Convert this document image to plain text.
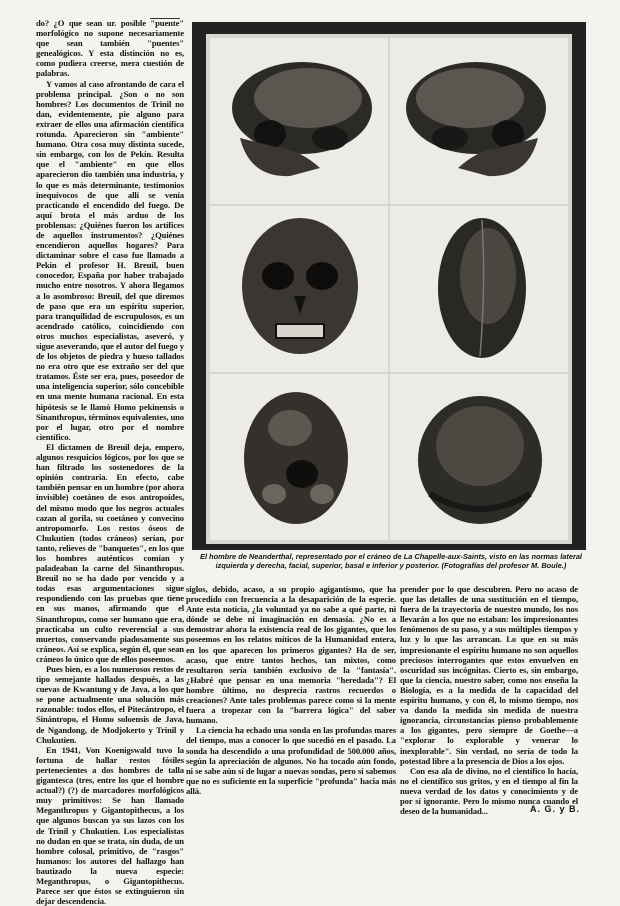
do? ¿O que sean ur. posible "puente" morfológico no supone necesariamente que sean también "puentes" genealógicos. Y esta distinción no es, como pudiera creerse, mera cuestión de palabras.

Y vamos al caso afrontando de cara el problema principal. ¿Son o no son hombres? Los documentos de Trinil no dan, evidentemente, pie alguno para extraer de ellos una afirmación científica rotunda. Aparecieron sin "ambiente" humano. Otra cosa muy distinta sucede, sin embargo, con los de Pekín. Resulta que el "ambiente" en que ellos aparecieron dio también una industria, y lo que es más determinante, testimonios inequívocos de que allí se venía practicando el encendido del fuego. De aquí brota el más arduo de los problemas: ¿Quiénes fueron los artífices de aquellos instrumentos? ¿Quiénes encendieron aquellos hogares? Para dictaminar sobre el caso fue llamado a Pekín el profesor H. Breuil, buen conocedor, España por haber trabajado mucho entre nosotros. Y ahora llegamos a lo asombroso: Breuil, del que diremos de paso que era un espíritu superior, para tranquilidad de escrupulosos, es un acendrado católico, coincidiendo con otros muchos especialistas, aseveró, y sigue aseverando, que el autor del fuego y de los objetos de piedra y hueso tallados no era otro que ese extraño ser del que tratamos. Éste ser era, pues, poseedor de una inteligencia superior, sólo concebible en una mente humana racional. En esta hipótesis se le llamó Homo pekinensis o Sinanthropus, términos equivalentes, uno por el lugar, otro por el nombre científico.

El dictamen de Breuil deja, empero, algunos resquicios lógicos, por los que se han filtrado los sostenedores de la opinión contraria. En efecto, cabe también pensar en un hombre (por ahora invisible) coetáneo de esos antropoides, del mismo modo que los negros actuales cazan al gorila, su coetáneo y convecino antropomorfo. Los restos óseos de Chukutien (todos cráneos) serían, por tanto, relieves de "banquetes", en los que los hombres auténticos comían y paladeaban la carne del Sinanthropus. Breuil no se ha dado por vencido y a todas esas argumentaciones sigue respondiendo con las pruebas que tiene en sus manos, afirmando que el Sinanthropus, como ser humano que era, practicaba un culto reverencial a sus muertos, conservando piadosamente sus cráneos. Así se explica, según él, que sean cráneos lo único que de ellos poseemos.

Pues bien, es a los numerosos restos de tipo semejante hallados después, a las cuevas de Kwantung y de Java, a los que se pone actualmente una solución más razonable: todos ellos, el Pitecántropo, el Sinántropo, el Homo soloensis de Java, de Ngandong, de Modjokerto y Trinil y Chukutien.

En 1941, Von Koenigswald tuvo la fortuna de hallar restos fósiles pertenecientes a dos hombres de talla gigantesca (tres, entre los que el hombre actual?) (?) de marcadores morfológicos muy primitivos: Se han llamado Meganthropus y Gigantopithecus, a los que algunos buscan ya sus lazos con los de Trinil y Chukutien. Los especialistas no dudan en que se trata, sin duda, de un hombre colosal, primitivo, de "rasgos" humanos: los autores del hallazgo han bautizado la nueva especie: Meganthropus, o Gigantopithecus. Parece ser que éstos se extinguieron sin dejar descendencia.

El hombre de Neanderthal, representado por el cráneo de La Chapelle-aux-Saints, visto en las normas lateral izquierda y derecha, facial, superior, basal e inferior y posterior. (Fotografías del profesor M. Boule.)

siglos, debido, acaso, a su propio agigantismo, que ha procedido con frecuencia a la desaparición de la especie. Ante esta noticia, ¿la voluntad ya no sabe a qué parte, ni dónde se debe ni imaginación en demasía. ¿No es a demostrar ahora la existencia real de los gigantes, que los poseemos en los relatos míticos de la Humanidad entera, en los que aparecen los primeros gigantes? Ha de ser, acaso, que entre tantos hechos, tan mixtos, como resultaron sería también exclusivo de la "fantasía". ¿Habré que pensar en una memoria "heredada"? El hombre último, no desprecia rastros recuerdos o creaciones? Ante tales problemas parece como si la mente fuera a tropezar con la "barrera lógica" del saber humano.

La ciencia ha echado una sonda en las profundas mares del tiempo, mas a conocer lo que sucedió en el pasado. La sonda ha descendido a una profundidad de 500.000 años, según la apreciación de algunos. No ha tocado aún fondo, ni se sabe aún sí de lugar a nuevas sondas, pero sí sabemos que no es suficiente en la superficie "profunda" hacia más allá.

prender por lo que descubren. Pero no acaso de que las detalles de una sustitución en el tiempo, fuera de la trayectoria de nuestro mundo, los nos llevarán a los que no estaban: los impresionantes fenómenos de su paso, y a sus múltiples tiempos y luz y lo que las arrancan. Lo que en su más impresionante el espíritu humano no son aquellos preciosos interrogantes que estos envuelven en oscuridad sus incógnitas. Cierto es, sin embargo, que la ciencia, nuestro saber, como nos enseña la Biología, es a la medida de la capacidad del espíritu humano, y con él, lo mismo tiempo, nos va dando la medida sin medida de nuestra ignorancia, circunstancias pienso probablemente a los gigantes, pero siempre de Goethe—a "explorar lo explorable y venerar lo inexplorable". Sin verdad, no sería de todo la potestad libre a la presencia de Dios a los ojos.

Con esa ala de divino, no el científico lo hacía, no el científico sus gritos, y en el tiempo al fin la nueva verdad de los datos y conocimiento y de por sí ignorante. Pero lo mismo nunca cuando el deseo de la humanidad...	A. G. y B.
